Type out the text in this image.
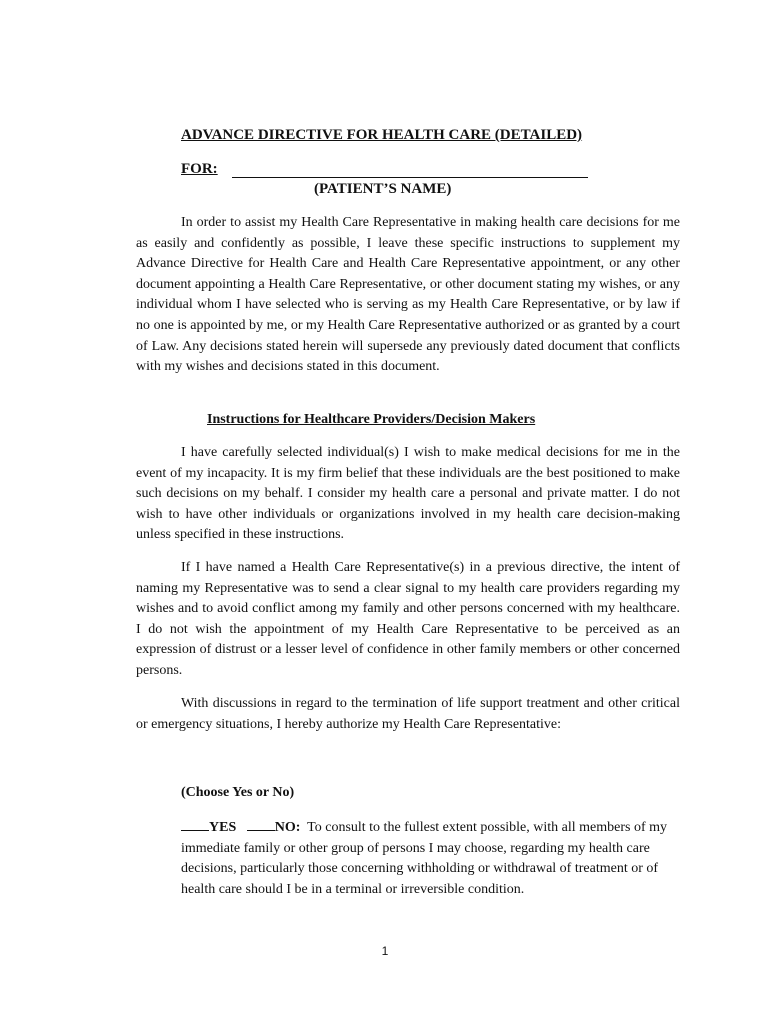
ADVANCE DIRECTIVE FOR HEALTH CARE (DETAILED)

FOR:

(PATIENT’S NAME)

In order to assist my Health Care Representative in making health care decisions for me as easily and confidently as possible, I leave these specific instructions to supplement my Advance Directive for Health Care and Health Care Representative appointment, or any other document appointing a Health Care Representative, or other document stating my wishes, or any individual whom I have selected who is serving as my Health Care Representative, or by law if no one is appointed by me, or my Health Care Representative authorized or as granted by a court of Law. Any decisions stated herein will supersede any previously dated document that conflicts with my wishes and decisions stated in this document.

Instructions for Healthcare Providers/Decision Makers

I have carefully selected individual(s) I wish to make medical decisions for me in the event of my incapacity. It is my firm belief that these individuals are the best positioned to make such decisions on my behalf. I consider my health care a personal and private matter. I do not wish to have other individuals or organizations involved in my health care decision-making unless specified in these instructions.

If I have named a Health Care Representative(s) in a previous directive, the intent of naming my Representative was to send a clear signal to my health care providers regarding my wishes and to avoid conflict among my family and other persons concerned with my healthcare. I do not wish the appointment of my Health Care Representative to be perceived as an expression of distrust or a lesser level of confidence in other family members or other concerned persons.

With discussions in regard to the termination of life support treatment and other critical or emergency situations, I hereby authorize my Health Care Representative:

(Choose Yes or No)

YES	NO: To consult to the fullest extent possible, with all members of my immediate family or other group of persons I may choose, regarding my health care decisions, particularly those concerning withholding or withdrawal of treatment or of health care should I be in a terminal or irreversible condition.

1
